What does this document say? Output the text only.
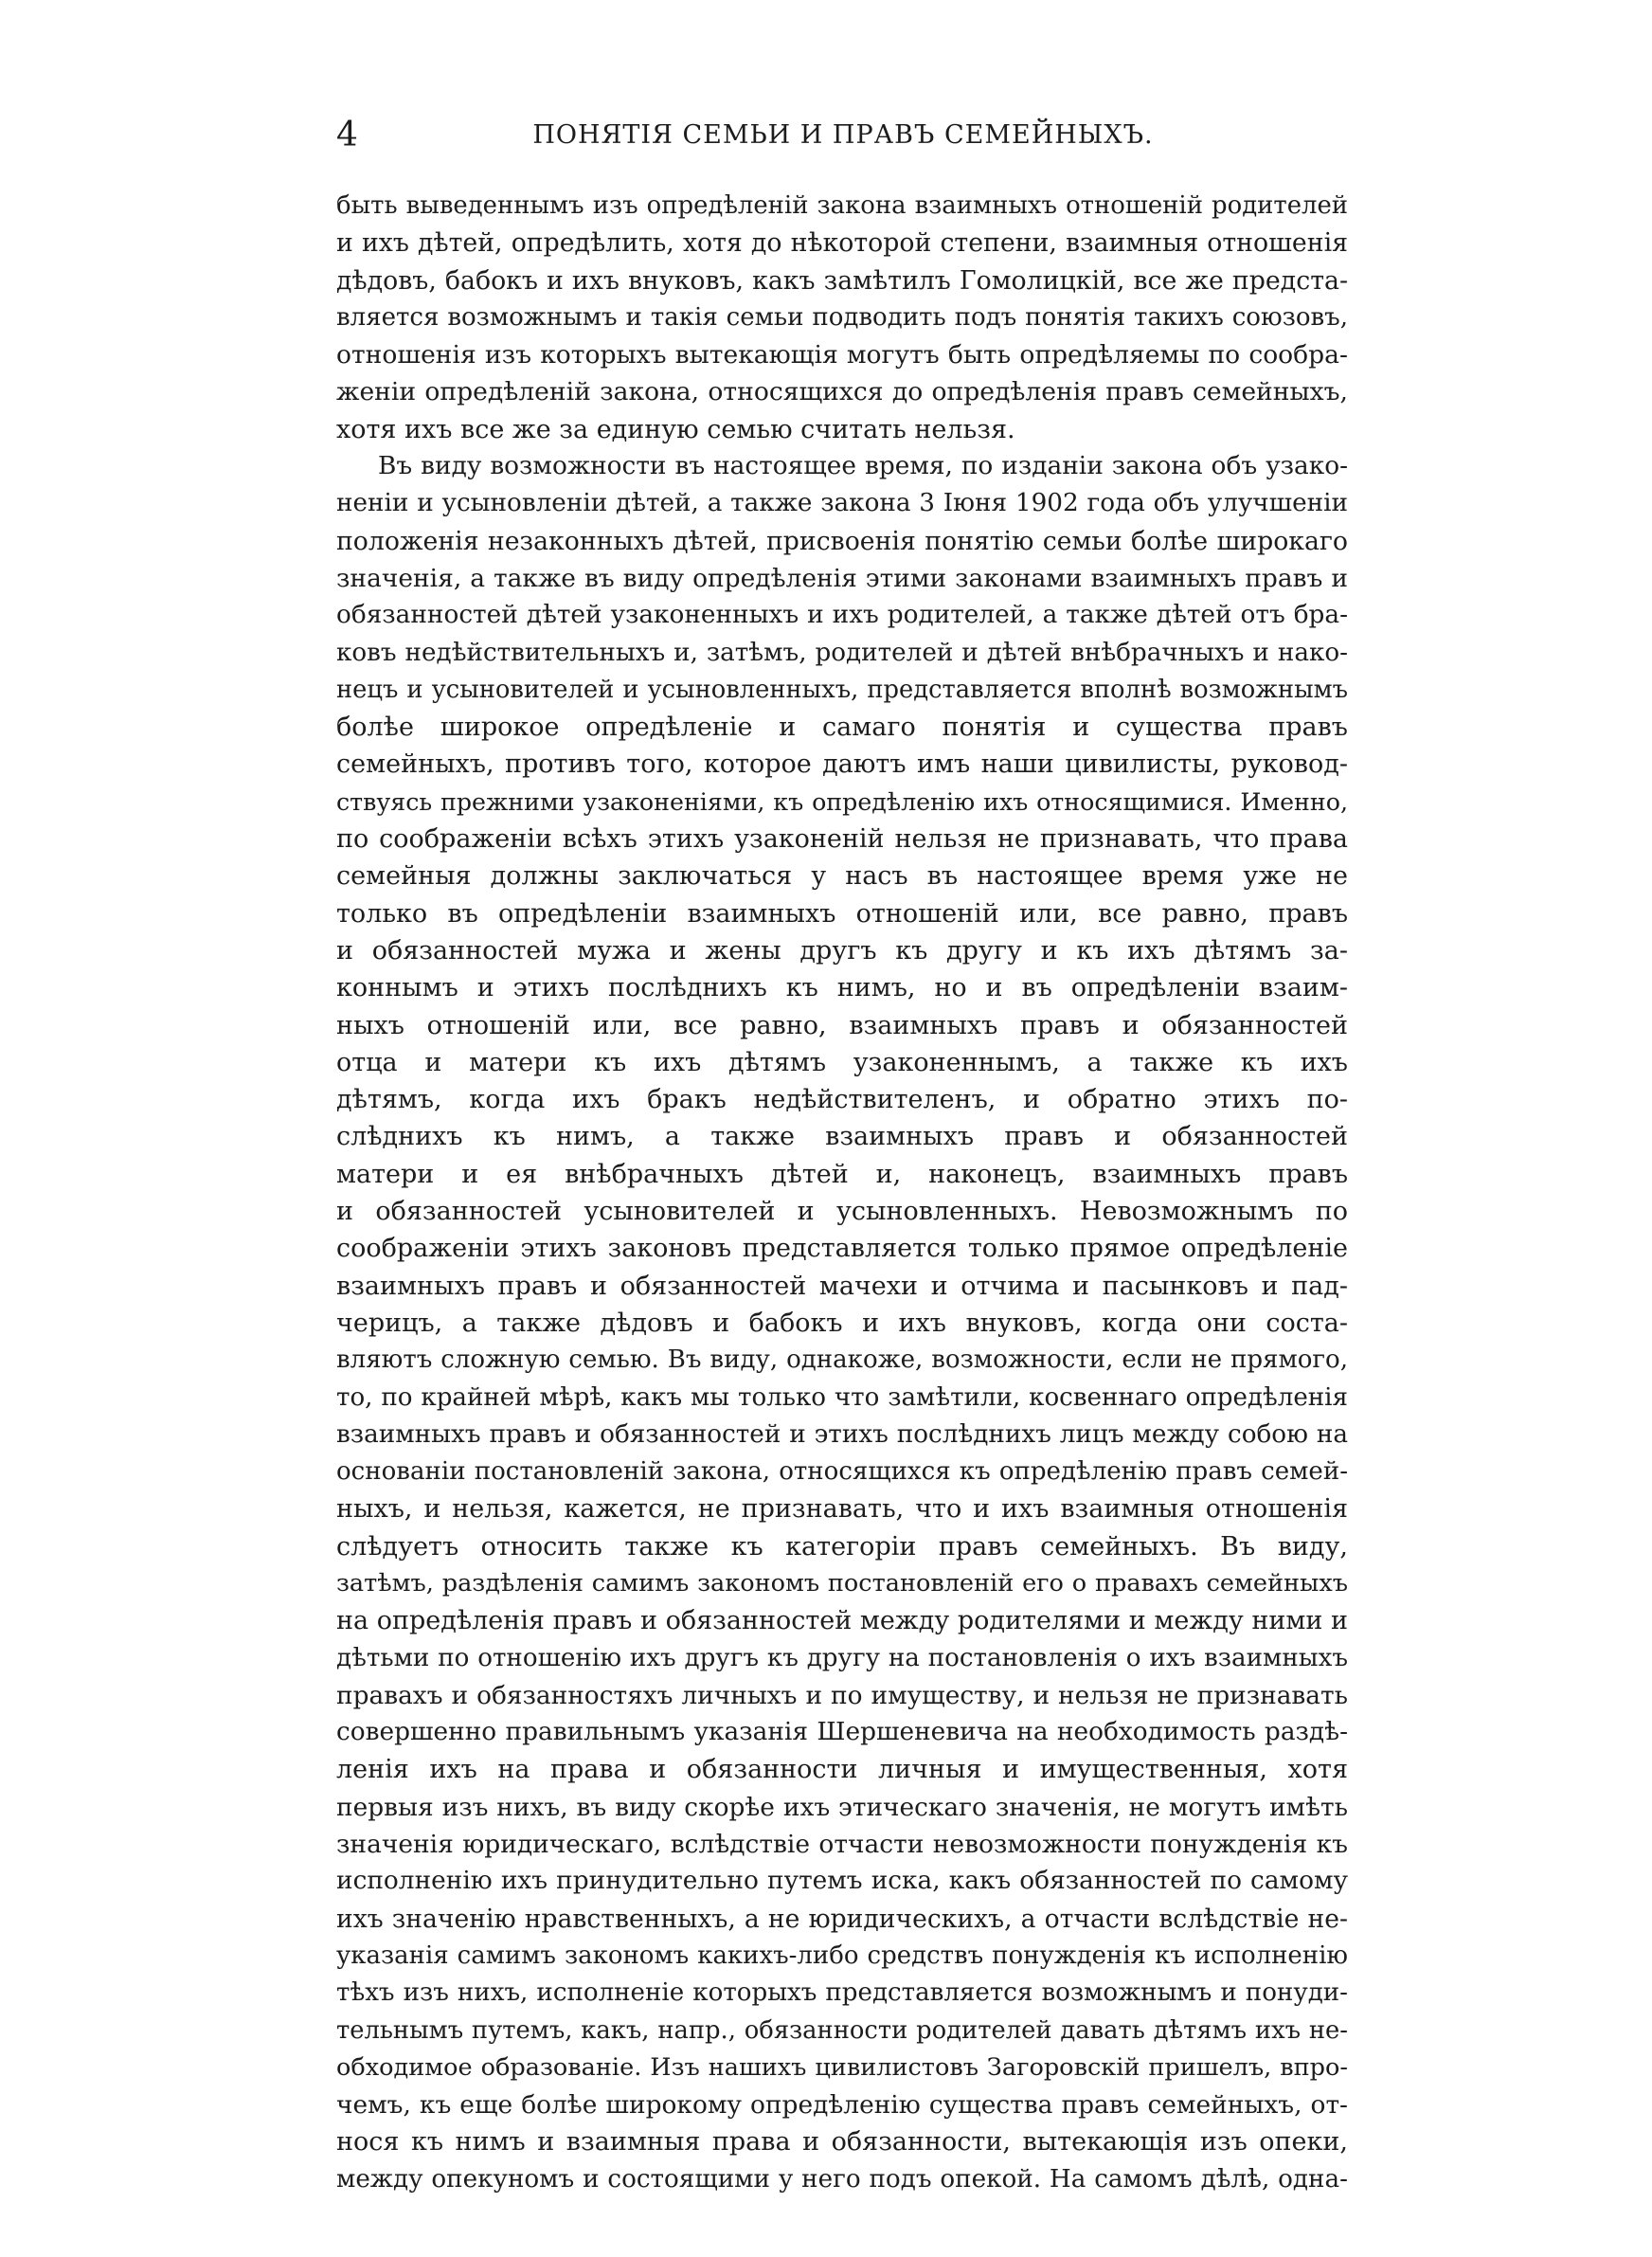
4	ПОНЯТІЯ СЕМЬИ И ПРАВЪ СЕМЕЙНЫХЪ.
быть выведеннымъ изъ опредѣленій закона взаимныхъ отношеній родителей
и ихъ дѣтей, опредѣлить, хотя до нѣкоторой степени, взаимныя отношенія
дѣдовъ, бабокъ и ихъ внуковъ, какъ замѣтилъ Гомолицкій, все же предста-
вляется возможнымъ и такія семьи подводить подъ понятія такихъ союзовъ,
отношенія изъ которыхъ вытекающія могутъ быть опредѣляемы по сообра-
женіи опредѣленій закона, относящихся до опредѣленія правъ семейныхъ,
хотя ихъ все же за единую семью считать нельзя.
Въ виду возможности въ настоящее время, по изданіи закона объ узако-
неніи и усыновленіи дѣтей, а также закона 3 Іюня 1902 года объ улучшеніи
положенія незаконныхъ дѣтей, присвоенія понятію семьи болѣе широкаго
значенія, а также въ виду опредѣленія этими законами взаимныхъ правъ и
обязанностей дѣтей узаконенныхъ и ихъ родителей, а также дѣтей отъ бра-
ковъ недѣйствительныхъ и, затѣмъ, родителей и дѣтей внѣбрачныхъ и нако-
нецъ и усыновителей и усыновленныхъ, представляется вполнѣ возможнымъ
болѣе широкое опредѣленіе и самаго понятія и существа правъ
семейныхъ, противъ того, которое даютъ имъ наши цивилисты, руковод-
ствуясь прежними узаконеніями, къ опредѣленію ихъ относящимися. Именно,
по соображеніи всѣхъ этихъ узаконеній нельзя не признавать, что права
семейныя должны заключаться у насъ въ настоящее время уже не
только въ опредѣленіи взаимныхъ отношеній или, все равно, правъ
и обязанностей мужа и жены другъ къ другу и къ ихъ дѣтямъ за-
коннымъ и этихъ послѣднихъ къ нимъ, но и въ опредѣленіи взаим-
ныхъ отношеній или, все равно, взаимныхъ правъ и обязанностей
отца и матери къ ихъ дѣтямъ узаконеннымъ, а также къ ихъ
дѣтямъ, когда ихъ бракъ недѣйствителенъ, и обратно этихъ по-
слѣднихъ къ нимъ, а также взаимныхъ правъ и обязанностей
матери и ея внѣбрачныхъ дѣтей и, наконецъ, взаимныхъ правъ
и обязанностей усыновителей и усыновленныхъ. Невозможнымъ по
соображеніи этихъ законовъ представляется только прямое опредѣленіе
взаимныхъ правъ и обязанностей мачехи и отчима и пасынковъ и пад-
черицъ, а также дѣдовъ и бабокъ и ихъ внуковъ, когда они соста-
вляютъ сложную семью. Въ виду, однакоже, возможности, если не прямого,
то, по крайней мѣрѣ, какъ мы только что замѣтили, косвеннаго опредѣленія
взаимныхъ правъ и обязанностей и этихъ послѣднихъ лицъ между собою на
основаніи постановленій закона, относящихся къ опредѣленію правъ семей-
ныхъ, и нельзя, кажется, не признавать, что и ихъ взаимныя отношенія
слѣдуетъ относить также къ категоріи правъ семейныхъ. Въ виду,
затѣмъ, раздѣленія самимъ закономъ постановленій его о правахъ семейныхъ
на опредѣленія правъ и обязанностей между родителями и между ними и
дѣтьми по отношенію ихъ другъ къ другу на постановленія о ихъ взаимныхъ
правахъ и обязанностяхъ личныхъ и по имуществу, и нельзя не признавать
совершенно правильнымъ указанія Шершеневича на необходимость раздѣ-
ленія ихъ на права и обязанности личныя и имущественныя, хотя
первыя изъ нихъ, въ виду скорѣе ихъ этическаго значенія, не могутъ имѣть
значенія юридическаго, вслѣдствіе отчасти невозможности понужденія къ
исполненію ихъ принудительно путемъ иска, какъ обязанностей по самому
ихъ значенію нравственныхъ, а не юридическихъ, а отчасти вслѣдствіе не-
указанія самимъ закономъ какихъ-либо средствъ понужденія къ исполненію
тѣхъ изъ нихъ, исполненіе которыхъ представляется возможнымъ и понуди-
тельнымъ путемъ, какъ, напр., обязанности родителей давать дѣтямъ ихъ не-
обходимое образованіе. Изъ нашихъ цивилистовъ Загоровскій пришелъ, впро-
чемъ, къ еще болѣе широкому опредѣленію существа правъ семейныхъ, от-
нося къ нимъ и взаимныя права и обязанности, вытекающія изъ опеки,
между опекуномъ и состоящими у него подъ опекой. На самомъ дѣлѣ, одна-
